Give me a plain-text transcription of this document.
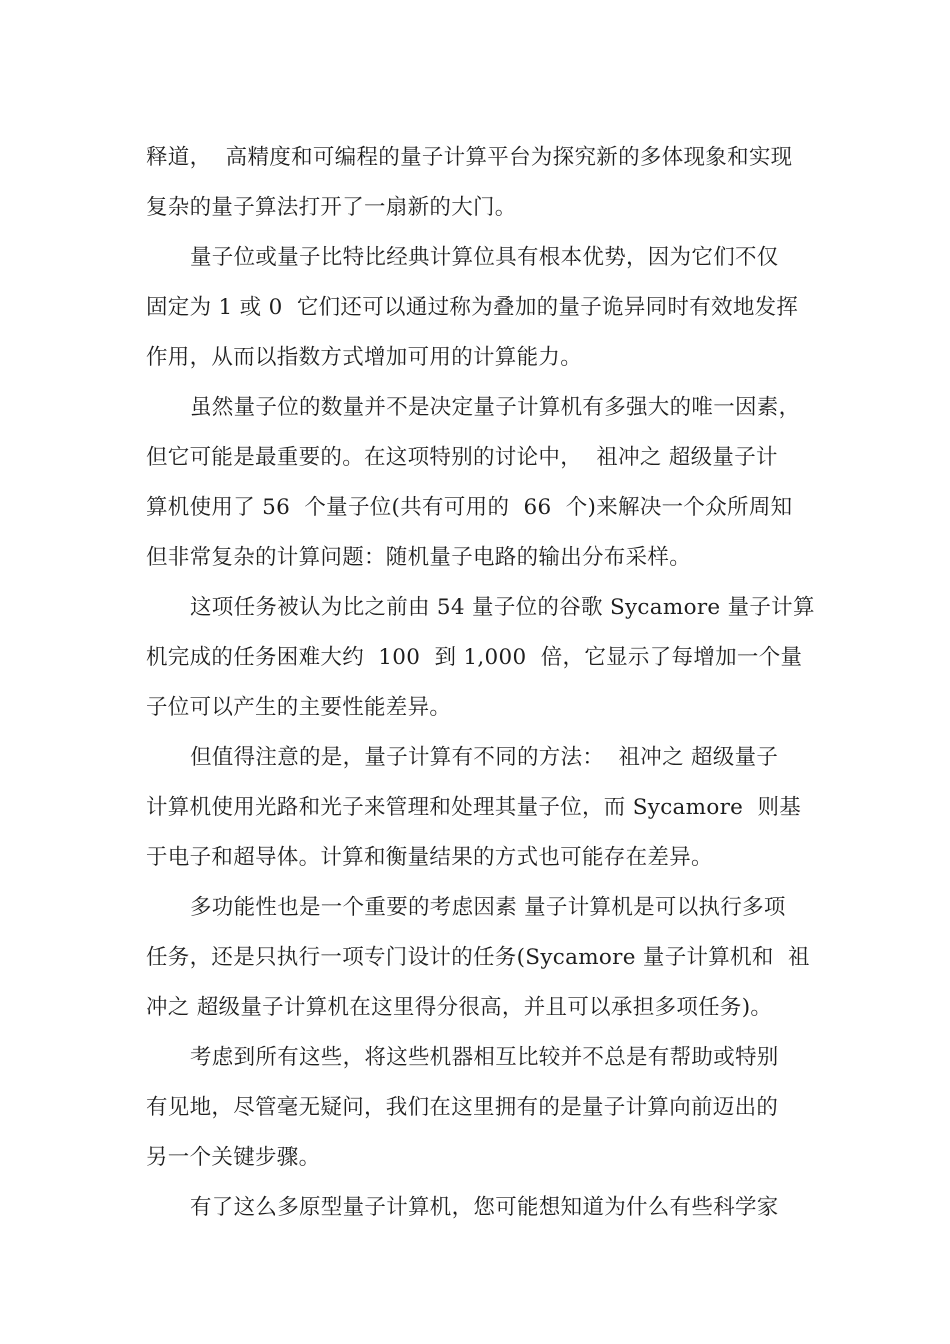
释道，  高精度和可编程的量子计算平台为探究新的多体现象和实现
复杂的量子算法打开了一扇新的大门。
量子位或量子比特比经典计算位具有根本优势，因为它们不仅
固定为 1 或 0  它们还可以通过称为叠加的量子诡异同时有效地发挥
作用，从而以指数方式增加可用的计算能力。
虽然量子位的数量并不是决定量子计算机有多强大的唯一因素，
但它可能是最重要的。在这项特别的讨论中，  祖冲之 超级量子计
算机使用了 56  个量子位(共有可用的  66  个)来解决一个众所周知
但非常复杂的计算问题：随机量子电路的输出分布采样。
这项任务被认为比之前由 54 量子位的谷歌 Sycamore 量子计算
机完成的任务困难大约  100  到 1,000  倍，它显示了每增加一个量
子位可以产生的主要性能差异。
但值得注意的是，量子计算有不同的方法：  祖冲之 超级量子
计算机使用光路和光子来管理和处理其量子位，而 Sycamore  则基
于电子和超导体。计算和衡量结果的方式也可能存在差异。
多功能性也是一个重要的考虑因素 量子计算机是可以执行多项
任务，还是只执行一项专门设计的任务(Sycamore 量子计算机和  祖
冲之 超级量子计算机在这里得分很高，并且可以承担多项任务)。
考虑到所有这些，将这些机器相互比较并不总是有帮助或特别
有见地，尽管毫无疑问，我们在这里拥有的是量子计算向前迈出的
另一个关键步骤。
有了这么多原型量子计算机，您可能想知道为什么有些科学家
